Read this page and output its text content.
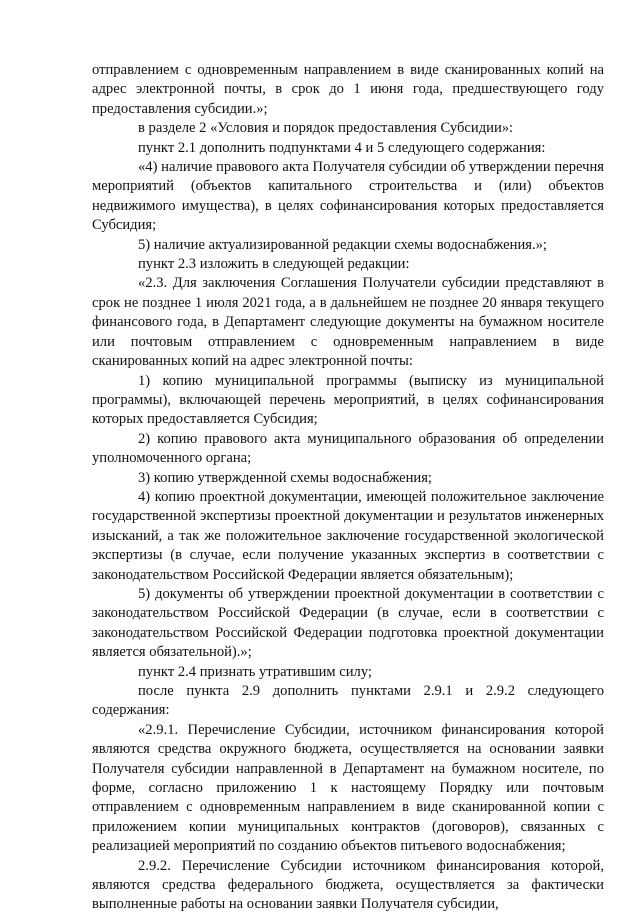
отправлением с одновременным направлением в виде сканированных копий на адрес электронной почты, в срок до 1 июня года, предшествующего году предоставления субсидии.»;

в разделе 2 «Условия и порядок предоставления Субсидии»:

пункт 2.1 дополнить подпунктами 4 и 5 следующего содержания:

«4) наличие правового акта Получателя субсидии об утверждении перечня мероприятий (объектов капитального строительства и (или) объектов недвижимого имущества), в целях софинансирования которых предоставляется Субсидия;

5) наличие актуализированной редакции схемы водоснабжения.»;

пункт 2.3 изложить в следующей редакции:

«2.3. Для заключения Соглашения Получатели субсидии представляют в срок не позднее 1 июля 2021 года, а в дальнейшем не позднее 20 января текущего финансового года, в Департамент следующие документы на бумажном носителе или почтовым отправлением с одновременным направлением в виде сканированных копий на адрес электронной почты:

1) копию муниципальной программы (выписку из муниципальной программы), включающей перечень мероприятий, в целях софинансирования которых предоставляется Субсидия;

2) копию правового акта муниципального образования об определении уполномоченного органа;

3) копию утвержденной схемы водоснабжения;

4) копию проектной документации, имеющей положительное заключение государственной экспертизы проектной документации и результатов инженерных изысканий, а так же положительное заключение государственной экологической экспертизы (в случае, если получение указанных экспертиз в соответствии с законодательством Российской Федерации является обязательным);

5) документы об утверждении проектной документации в соответствии с законодательством Российской Федерации (в случае, если в соответствии с законодательством Российской Федерации подготовка проектной документации является обязательной).»;

пункт 2.4 признать утратившим силу;

после пункта 2.9 дополнить пунктами 2.9.1 и 2.9.2 следующего содержания:

«2.9.1. Перечисление Субсидии, источником финансирования которой являются средства окружного бюджета, осуществляется на основании заявки Получателя субсидии направленной в Департамент на бумажном носителе, по форме, согласно приложению 1 к настоящему Порядку или почтовым отправлением с одновременным направлением в виде сканированной копии с приложением копии муниципальных контрактов (договоров), связанных с реализацией мероприятий по созданию объектов питьевого водоснабжения;

2.9.2. Перечисление Субсидии источником финансирования которой, являются средства федерального бюджета, осуществляется за фактически выполненные работы на основании заявки Получателя субсидии,
